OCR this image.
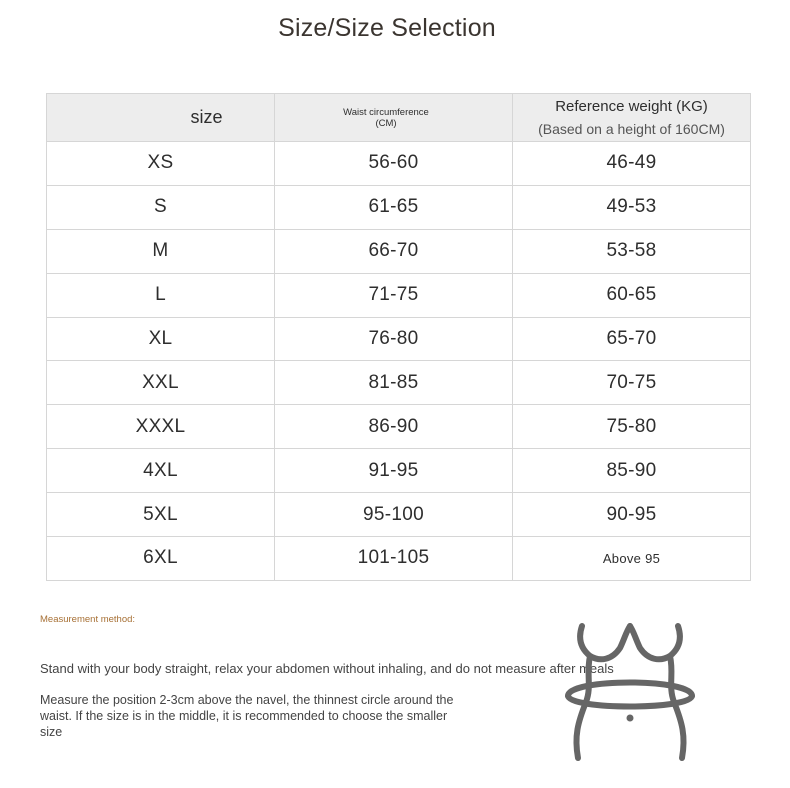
Size/Size Selection
size	Waist circumference (CM)	Reference weight (KG)
(Based on a height of 160CM)

XS	56-60	46-49
S	61-65	49-53
M	66-70	53-58
L	71-75	60-65
XL	76-80	65-70
XXL	81-85	70-75
XXXL	86-90	75-80
4XL	91-95	85-90
5XL	95-100	90-95
6XL	101-105	Above 95
Measurement method:
Stand with your body straight, relax your abdomen without inhaling, and do not measure after meals
Measure the position 2-3cm above the navel, the thinnest circle around the waist. If the size is in the middle, it is recommended to choose the smaller size
